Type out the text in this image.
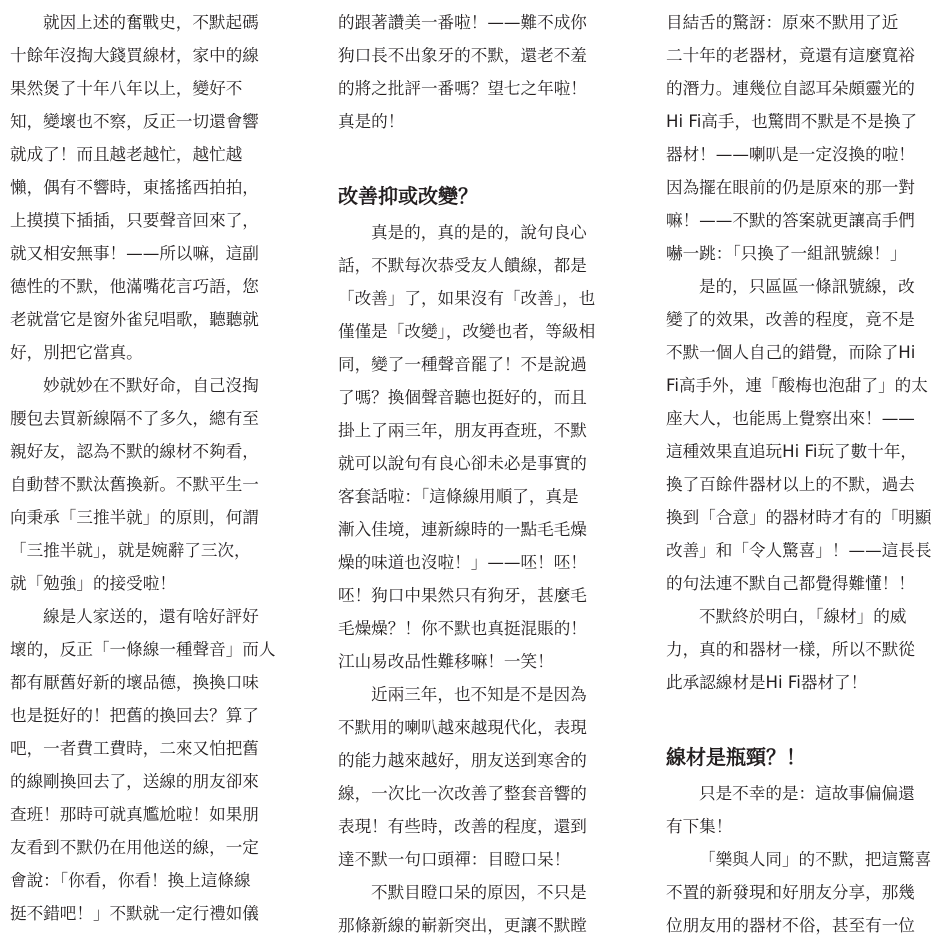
就因上述的奮戰史，不默起碼
十餘年沒掏大錢買線材，家中的線
果然煲了十年八年以上，變好不
知，變壞也不察，反正一切還會響
就成了！而且越老越忙，越忙越
懶，偶有不響時，東搖搖西拍拍，
上摸摸下插插，只要聲音回來了，
就又相安無事！——所以嘛，這副
德性的不默，他滿嘴花言巧語，您
老就當它是窗外雀兒唱歌，聽聽就
好，別把它當真。
妙就妙在不默好命，自己沒掏
腰包去買新線隔不了多久，總有至
親好友，認為不默的線材不夠看，
自動替不默汰舊換新。不默平生一
向秉承「三推半就」的原則，何謂
「三推半就」，就是婉辭了三次，
就「勉強」的接受啦！
線是人家送的，還有啥好評好
壞的，反正「一條線一種聲音」而人
都有厭舊好新的壞品德，換換口味
也是挺好的！把舊的換回去？算了
吧，一者費工費時，二來又怕把舊
的線剛換回去了，送線的朋友卻來
查班！那時可就真尷尬啦！如果朋
友看到不默仍在用他送的線，一定
會說：「你看，你看！換上這條線
挺不錯吧！」不默就一定行禮如儀
的跟著讚美一番啦！——難不成你
狗口長不出象牙的不默，還老不羞
的將之批評一番嗎？望七之年啦！
真是的！
改善抑或改變？
真是的，真的是的，說句良心
話，不默每次恭受友人饋線，都是
「改善」了，如果沒有「改善」，也
僅僅是「改變」，改變也者，等級相
同，變了一種聲音罷了！不是說過
了嗎？換個聲音聽也挺好的，而且
掛上了兩三年，朋友再查班，不默
就可以說句有良心卻未必是事實的
客套話啦：「這條線用順了，真是
漸入佳境，連新線時的一點毛毛燥
燥的味道也沒啦！」——呸！呸！
呸！狗口中果然只有狗牙，甚麼毛
毛燥燥？！你不默也真挺混賬的！
江山易改品性難移嘛！一笑！
近兩三年，也不知是不是因為
不默用的喇叭越來越現代化，表現
的能力越來越好，朋友送到寒舍的
線，一次比一次改善了整套音響的
表現！有些時，改善的程度，還到
達不默一句口頭禪：目瞪口呆！
不默目瞪口呆的原因，不只是
那條新線的嶄新突出，更讓不默瞠
目結舌的驚訝：原來不默用了近
二十年的老器材，竟還有這麼寬裕
的潛力。連幾位自認耳朵頗靈光的
Hi Fi高手，也驚問不默是不是換了
器材！——喇叭是一定沒換的啦！
因為擺在眼前的仍是原來的那一對
嘛！——不默的答案就更讓高手們
嚇一跳：「只換了一組訊號線！」
是的，只區區一條訊號線，改
變了的效果，改善的程度，竟不是
不默一個人自己的錯覺，而除了Hi
Fi高手外，連「酸梅也泡甜了」的太
座大人，也能馬上覺察出來！——
這種效果直追玩Hi Fi玩了數十年，
換了百餘件器材以上的不默，過去
換到「合意」的器材時才有的「明顯
改善」和「令人驚喜」！——這長長
的句法連不默自己都覺得難懂！！
不默終於明白，「線材」的威
力，真的和器材一樣，所以不默從
此承認線材是Hi Fi器材了！
線材是瓶頸？！
只是不幸的是：這故事偏偏還
有下集！
「樂與人同」的不默，把這驚喜
不置的新發現和好朋友分享，那幾
位朋友用的器材不俗，甚至有一位
